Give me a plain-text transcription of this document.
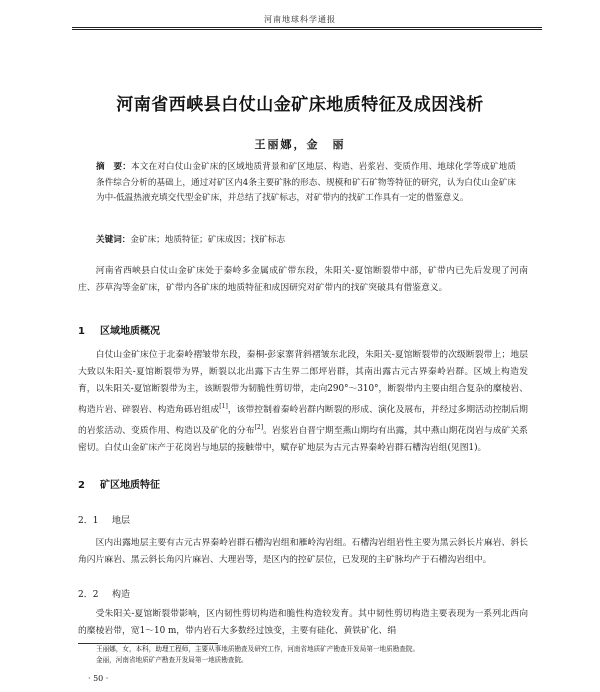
河南地球科学通报
河南省西峡县白仗山金矿床地质特征及成因浅析
王丽娜，金　丽
摘　要：本文在对白仗山金矿床的区域地质背景和矿区地层、构造、岩浆岩、变质作用、地球化学等成矿地质条件综合分析的基础上，通过对矿区内4条主要矿脉的形态、规模和矿石矿物等特征的研究，认为白仗山金矿床为中-低温热液充填交代型金矿床，并总结了找矿标志，对矿带内的找矿工作具有一定的借鉴意义。
关键词：金矿床；地质特征；矿床成因；找矿标志
河南省西峡县白仗山金矿床处于秦岭多金属成矿带东段，朱阳关-夏馆断裂带中部，矿带内已先后发现了河南庄、莎草沟等金矿床，矿带内各矿床的地质特征和成因研究对矿带内的找矿突破具有借鉴意义。
1 区域地质概况
白仗山金矿床位于北秦岭褶皱带东段，秦桐-彭家寨背斜褶皱东北段，朱阳关-夏馆断裂带的次级断裂带上；地层大致以朱阳关-夏馆断裂带为界，断裂以北出露下古生界二郎坪岩群，其南出露古元古界秦岭岩群。区域上构造发育，以朱阳关-夏馆断裂带为主，该断裂带为韧脆性剪切带，走向290°～310°，断裂带内主要由组合复杂的糜棱岩、构造片岩、碎裂岩、构造角砾岩组成[1]，该带控制着秦岭岩群内断裂的形成、演化及展布，并经过多期活动控制后期的岩浆活动、变质作用、构造以及矿化的分布[2]。岩浆岩自晋宁期至燕山期均有出露，其中燕山期花岗岩与成矿关系密切。白仗山金矿床产于花岗岩与地层的接触带中，赋存矿地层为古元古界秦岭岩群石槽沟岩组(见图1)。
2 矿区地质特征
2．1 地层
区内出露地层主要有古元古界秦岭岩群石槽沟岩组和雁岭沟岩组。石槽沟岩组岩性主要为黑云斜长片麻岩、斜长角闪片麻岩、黑云斜长角闪片麻岩、大理岩等，是区内的控矿层位，已发现的主矿脉均产于石槽沟岩组中。
2．2 构造
受朱阳关-夏馆断裂带影响，区内韧性剪切构造和脆性构造较发育。其中韧性剪切构造主要表现为一系列北西向的糜棱岩带，宽1～10 m，带内岩石大多数经过蚀变，主要有硅化、黄铁矿化、绢
王丽娜，女，本科，助理工程师，主要从事地质勘查及研究工作，河南省地质矿产勘查开发局第一地质勘查院。
金丽，河南省地质矿产勘查开发局第一地质勘查院。
· 50 ·
